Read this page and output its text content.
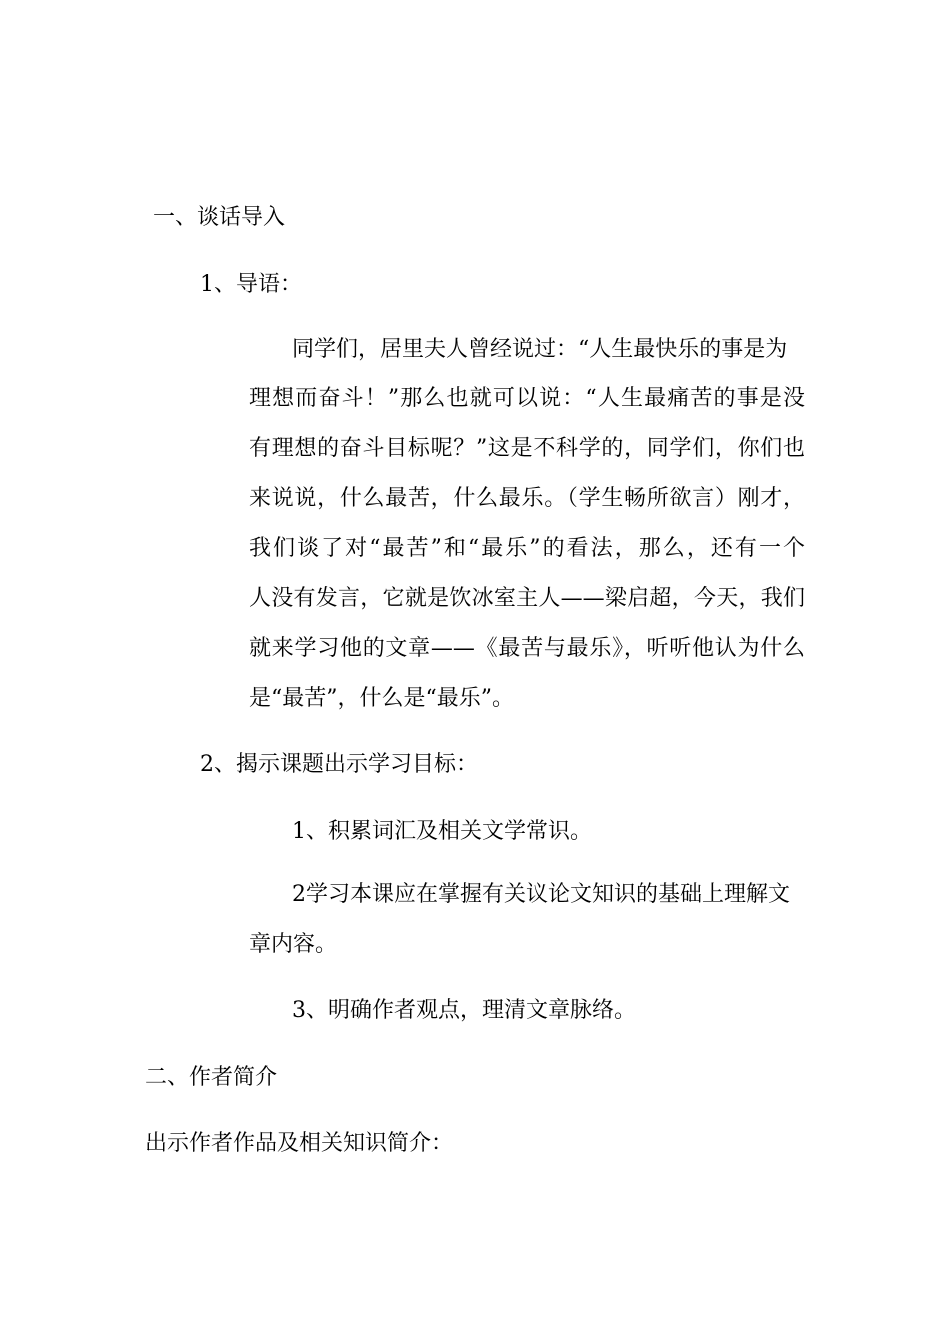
一、谈话导入
1、导语：
同学们，居里夫人曾经说过：“人生最快乐的事是为
理想而奋斗！”那么也就可以说：“人生最痛苦的事是没
有理想的奋斗目标呢？”这是不科学的，同学们，你们也
来说说，什么最苦，什么最乐。（学生畅所欲言）刚才，
我们谈了对“最苦”和“最乐”的看法，那么，还有一个
人没有发言，它就是饮冰室主人——梁启超，今天，我们
就来学习他的文章——《最苦与最乐》，听听他认为什么
是“最苦”，什么是“最乐”。
2、揭示课题出示学习目标：
1、积累词汇及相关文学常识。
2学习本课应在掌握有关议论文知识的基础上理解文
章内容。
3、明确作者观点，理清文章脉络。
二、作者简介
出示作者作品及相关知识简介：
